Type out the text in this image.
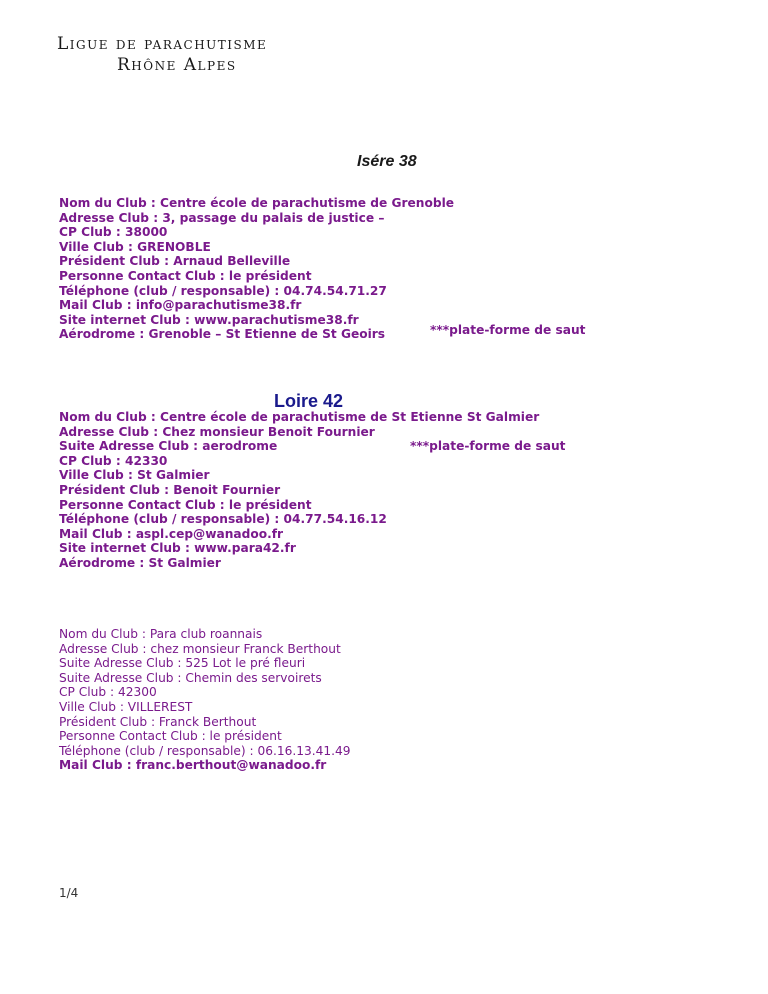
Ligue de parachutisme
Rhône Alpes
Isére 38
Nom du Club : Centre école de parachutisme de Grenoble
Adresse Club : 3, passage du palais de justice –
CP Club : 38000
Ville Club : GRENOBLE
Président Club : Arnaud Belleville
Personne Contact Club : le président
Téléphone (club / responsable) : 04.74.54.71.27
Mail Club : info@parachutisme38.fr
Site internet Club : www.parachutisme38.fr
Aérodrome : Grenoble – St Etienne de St Geoirs	***plate-forme de saut
Loire 42
Nom du Club : Centre école de parachutisme de St Etienne St Galmier
Adresse Club : Chez monsieur Benoit Fournier
Suite Adresse Club : aerodrome
CP Club : 42330
Ville Club : St Galmier
Président Club : Benoit Fournier
Personne Contact Club : le président
Téléphone (club / responsable) : 04.77.54.16.12
Mail Club : aspl.cep@wanadoo.fr
Site internet Club : www.para42.fr
Aérodrome : St Galmier
***plate-forme de saut
Nom du Club : Para club roannais
Adresse Club : chez monsieur Franck Berthout
Suite Adresse Club : 525 Lot le pré fleuri
Suite Adresse Club : Chemin des servoirets
CP Club : 42300
Ville Club : VILLEREST
Président Club : Franck Berthout
Personne Contact Club : le président
Téléphone (club / responsable) : 06.16.13.41.49
Mail Club : franc.berthout@wanadoo.fr
1/4
